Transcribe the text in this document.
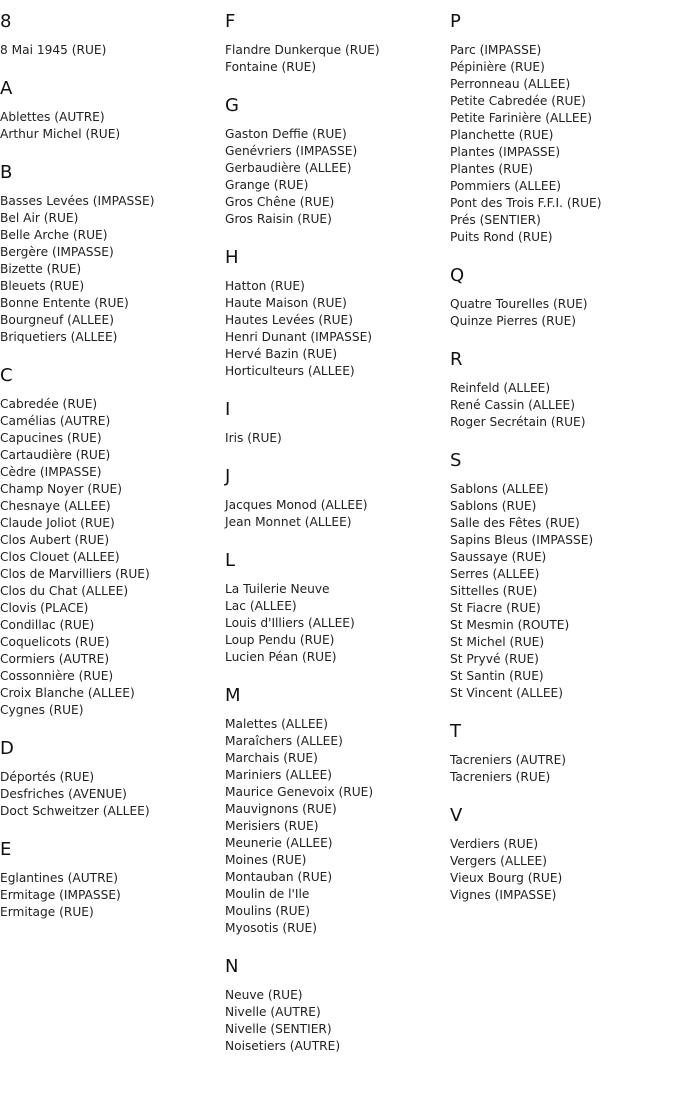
8
8 Mai 1945 (RUE)
A
Ablettes (AUTRE)
Arthur Michel (RUE)
B
Basses Levées (IMPASSE)
Bel Air (RUE)
Belle Arche (RUE)
Bergère (IMPASSE)
Bizette (RUE)
Bleuets (RUE)
Bonne Entente (RUE)
Bourgneuf (ALLEE)
Briquetiers (ALLEE)
C
Cabredée (RUE)
Camélias (AUTRE)
Capucines (RUE)
Cartaudière (RUE)
Cèdre (IMPASSE)
Champ Noyer (RUE)
Chesnaye (ALLEE)
Claude Joliot (RUE)
Clos Aubert (RUE)
Clos Clouet (ALLEE)
Clos de Marvilliers (RUE)
Clos du Chat (ALLEE)
Clovis (PLACE)
Condillac (RUE)
Coquelicots (RUE)
Cormiers (AUTRE)
Cossonnière (RUE)
Croix Blanche (ALLEE)
Cygnes (RUE)
D
Déportés (RUE)
Desfriches (AVENUE)
Doct Schweitzer (ALLEE)
E
Eglantines (AUTRE)
Ermitage (IMPASSE)
Ermitage (RUE)
F
Flandre Dunkerque (RUE)
Fontaine (RUE)
G
Gaston Deffie (RUE)
Genévriers (IMPASSE)
Gerbaudière (ALLEE)
Grange (RUE)
Gros Chêne (RUE)
Gros Raisin (RUE)
H
Hatton (RUE)
Haute Maison (RUE)
Hautes Levées (RUE)
Henri Dunant (IMPASSE)
Hervé Bazin (RUE)
Horticulteurs (ALLEE)
I
Iris (RUE)
J
Jacques Monod (ALLEE)
Jean Monnet (ALLEE)
L
La Tuilerie Neuve
Lac (ALLEE)
Louis d'Illiers (ALLEE)
Loup Pendu (RUE)
Lucien Péan (RUE)
M
Malettes (ALLEE)
Maraîchers (ALLEE)
Marchais (RUE)
Mariniers (ALLEE)
Maurice Genevoix (RUE)
Mauvignons (RUE)
Merisiers (RUE)
Meunerie (ALLEE)
Moines (RUE)
Montauban (RUE)
Moulin de l'Ile
Moulins (RUE)
Myosotis (RUE)
N
Neuve (RUE)
Nivelle (AUTRE)
Nivelle (SENTIER)
Noisetiers (AUTRE)
P
Parc (IMPASSE)
Pépinière (RUE)
Perronneau (ALLEE)
Petite Cabredée (RUE)
Petite Farinière (ALLEE)
Planchette (RUE)
Plantes (IMPASSE)
Plantes (RUE)
Pommiers (ALLEE)
Pont des Trois F.F.I. (RUE)
Prés (SENTIER)
Puits Rond (RUE)
Q
Quatre Tourelles (RUE)
Quinze Pierres (RUE)
R
Reinfeld (ALLEE)
René Cassin (ALLEE)
Roger Secrétain (RUE)
S
Sablons (ALLEE)
Sablons (RUE)
Salle des Fêtes (RUE)
Sapins Bleus (IMPASSE)
Saussaye (RUE)
Serres (ALLEE)
Sittelles (RUE)
St Fiacre (RUE)
St Mesmin (ROUTE)
St Michel (RUE)
St Pryvé (RUE)
St Santin (RUE)
St Vincent (ALLEE)
T
Tacreniers (AUTRE)
Tacreniers (RUE)
V
Verdiers (RUE)
Vergers (ALLEE)
Vieux Bourg (RUE)
Vignes (IMPASSE)
